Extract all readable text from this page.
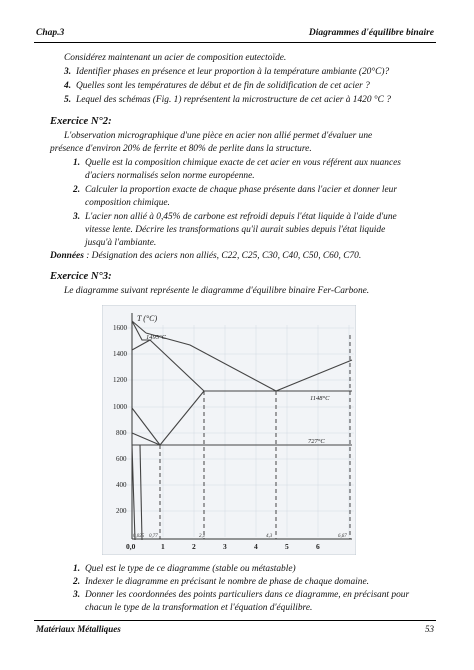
Chap.3	Diagrammes d'équilibre binaire
Considérez maintenant un acier de composition eutectoïde.
3. Identifier phases en présence et leur proportion à la température ambiante (20°C)?
4. Quelles sont les températures de début et de fin de solidification de cet acier ?
5. Lequel des schémas (Fig. 1) représentent la microstructure de cet acier à 1420 °C ?
Exercice N°2:
L'observation micrographique d'une pièce en acier non allié permet d'évaluer une
présence d'environ 20% de ferrite et 80% de perlite dans la structure.
1. Quelle est la composition chimique exacte de cet acier en vous référent aux nuances
d'aciers normalisés selon norme européenne.
2. Calculer la proportion exacte de chaque phase présente dans l'acier et donner leur
composition chimique.
3. L'acier non allié à 0,45% de carbone est refroidi depuis l'état liquide à l'aide d'une
vitesse lente. Décrire les transformations qu'il aurait subies depuis l'état liquide
jusqu'à l'ambiante.
Données : Désignation des aciers non alliés, C22, C25, C30, C40, C50, C60, C70.
Exercice N°3:
Le diagramme suivant représente le diagramme d'équilibre binaire Fer-Carbone.
T (°C)
1600
1400
1200
1000
800
600
400
200
0,0	1	2	3	4	5	6
0,025 0,77	2,1	4,3	6,67
1495°C
1148°C
727°C
1. Quel est le type de ce diagramme (stable ou métastable)
2. Indexer le diagramme en précisant le nombre de phase de chaque domaine.
3. Donner les coordonnées des points particuliers dans ce diagramme, en précisant pour
chacun le type de la transformation et l'équation d'équilibre.
Matériaux Métalliques	53
